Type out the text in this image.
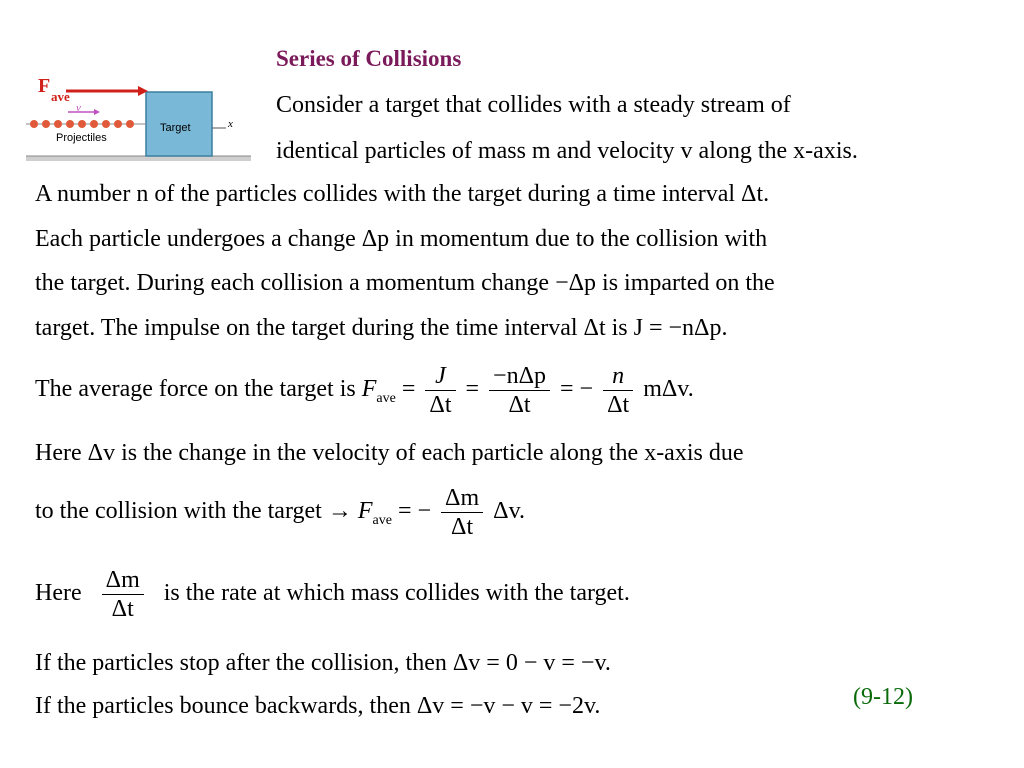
F ave
v
Target
Projectiles
x
Series of Collisions
Consider a target that collides with a steady stream of
identical particles of mass m and velocity v along the x-axis.
A number n of the particles collides with the target during a time interval Δt.
Each particle undergoes a change Δp in momentum due to the collision with
the target. During each collision a momentum change −Δp is imparted on the
target. The impulse on the target during the time interval Δt is J = −nΔp.
The average force on the target is $F_{ave} = \frac{J}{\Delta t} = \frac{\text{−nΔp}}{\Delta t}$ = − $\frac{n}{\Delta t} m\Delta v$.
Here Δv is the change in the velocity of each particle along the x-axis due
to the collision with the target → $F_{ave}$ = − $\frac{\Delta m}{\Delta t} \Delta v$.
Here $\frac{\Delta m}{\Delta t}$ is the rate at which mass collides with the target.
If the particles stop after the collision, then Δv = 0 − v = −v.
If the particles bounce backwards, then Δv = −v − v = −2v.	(9-12)
